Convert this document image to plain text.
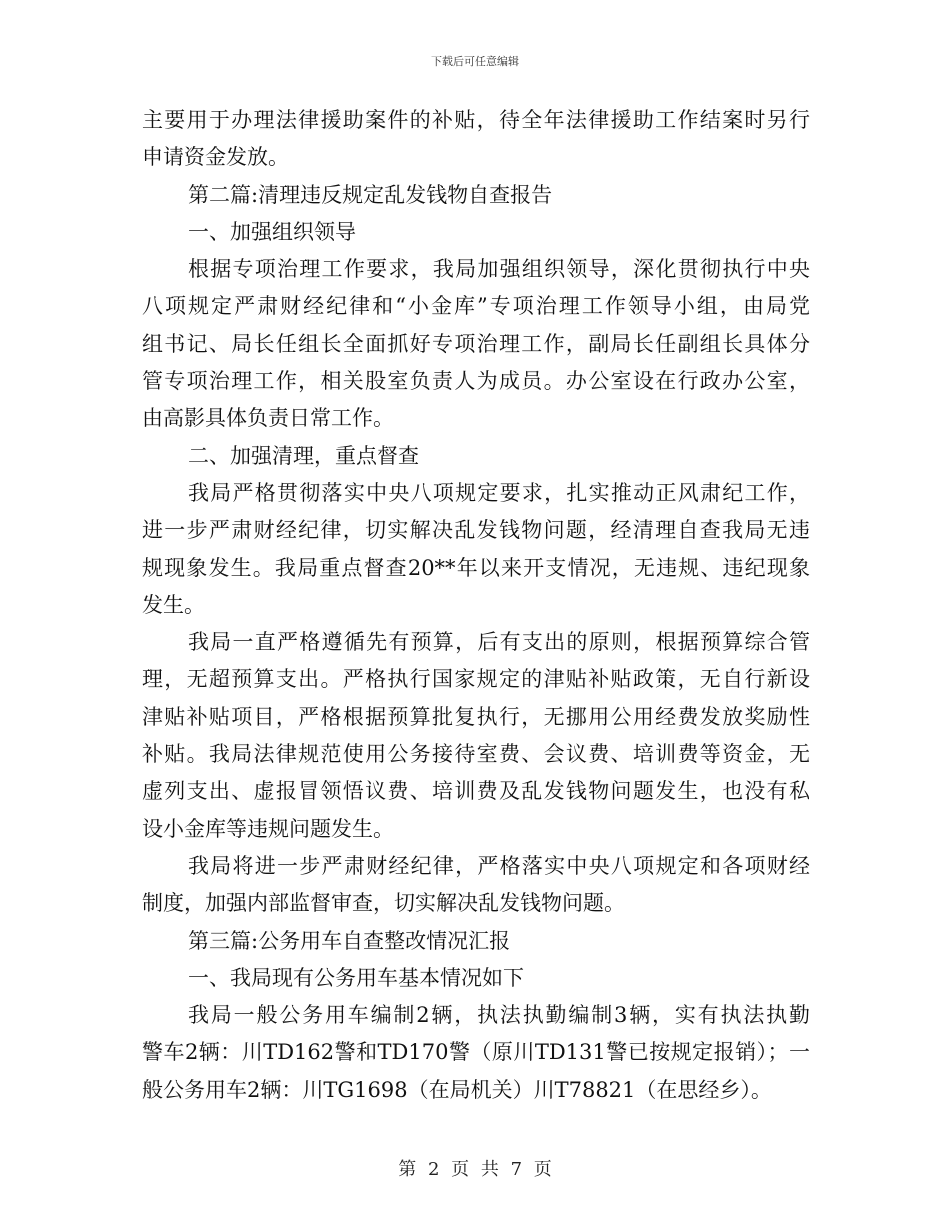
下载后可任意编辑
主要用于办理法律援助案件的补贴，待全年法律援助工作结案时另行
申请资金发放。
第二篇:清理违反规定乱发钱物自查报告
一、加强组织领导
根据专项治理工作要求，我局加强组织领导，深化贯彻执行中央
八项规定严肃财经纪律和“小金库”专项治理工作领导小组，由局党
组书记、局长任组长全面抓好专项治理工作，副局长任副组长具体分
管专项治理工作，相关股室负责人为成员。办公室设在行政办公室，
由高影具体负责日常工作。
二、加强清理，重点督查
我局严格贯彻落实中央八项规定要求，扎实推动正风肃纪工作，
进一步严肃财经纪律，切实解决乱发钱物问题，经清理自查我局无违
规现象发生。我局重点督查20**年以来开支情况，无违规、违纪现象
发生。
我局一直严格遵循先有预算，后有支出的原则，根据预算综合管
理，无超预算支出。严格执行国家规定的津贴补贴政策，无自行新设
津贴补贴项目，严格根据预算批复执行，无挪用公用经费发放奖励性
补贴。我局法律规范使用公务接待室费、会议费、培训费等资金，无
虚列支出、虚报冒领悟议费、培训费及乱发钱物问题发生，也没有私
设小金库等违规问题发生。
我局将进一步严肃财经纪律，严格落实中央八项规定和各项财经
制度，加强内部监督审查，切实解决乱发钱物问题。
第三篇:公务用车自查整改情况汇报
一、我局现有公务用车基本情况如下
我局一般公务用车编制2辆，执法执勤编制3辆，实有执法执勤
警车2辆：川TD162警和TD170警（原川TD131警已按规定报销）；一
般公务用车2辆：川TG1698（在局机关）川T78821（在思经乡）。
第 2 页 共 7 页
